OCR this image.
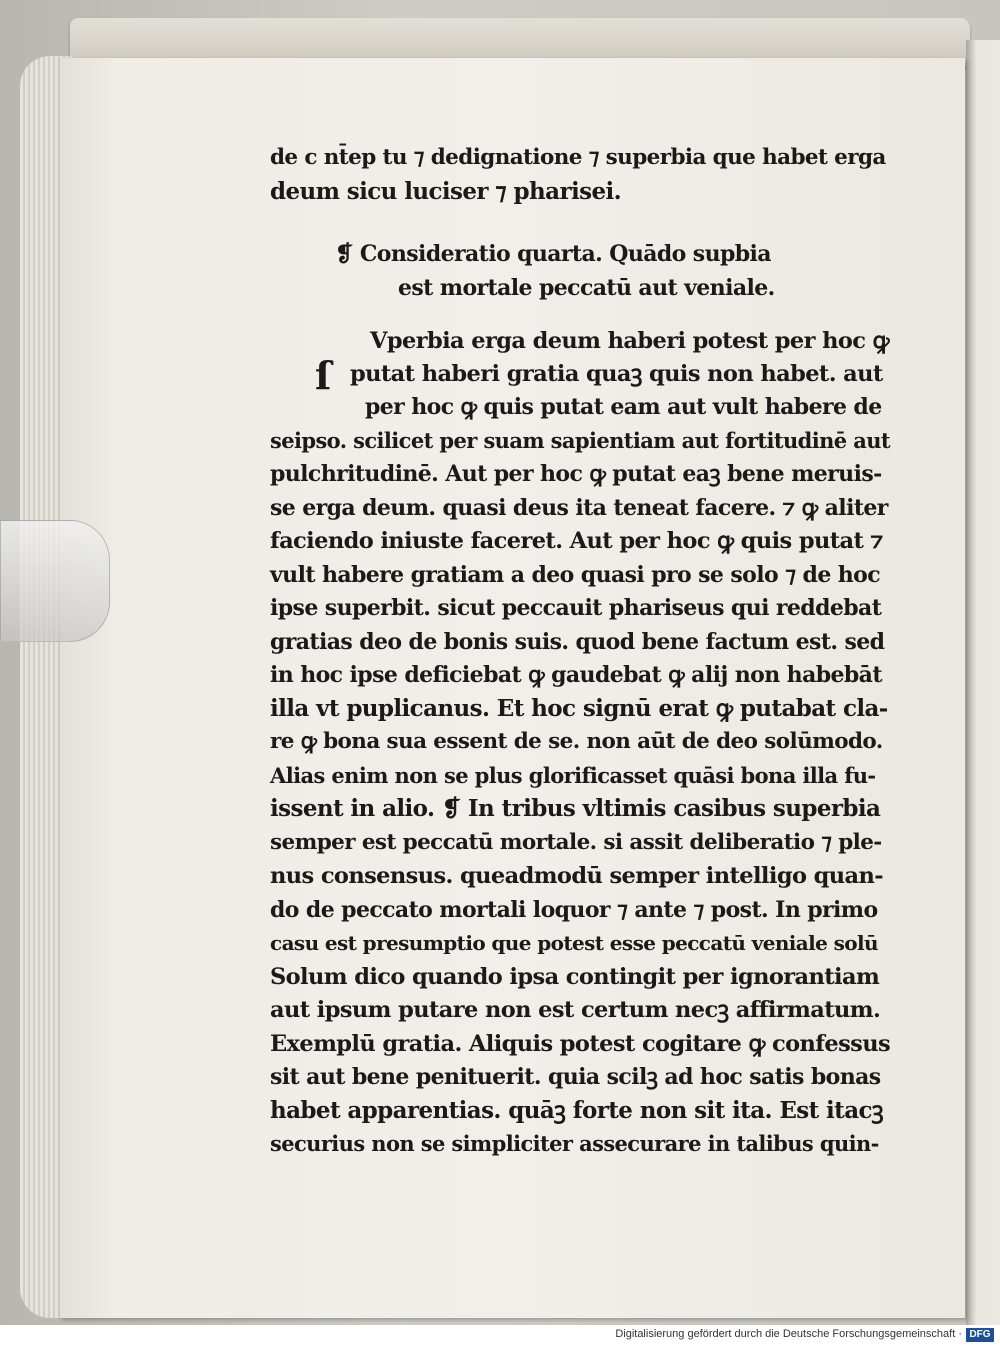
de c nt̄ep tu ⁊ dedignatione ⁊ superbia que habet erga
deum sicu luciser ⁊ pharisei.
❡ Consideratio quarta. Quādo supbia
est mortale peccatū aut veniale.
ſ
Vperbia erga deum haberi potest per hoc ꝙ
putat haberi gratia quaꝫ quis non habet. aut
per hoc ꝙ quis putat eam aut vult habere de
seipso. scilicet per suam sapientiam aut fortitudinē aut
pulchritudinē. Aut per hoc ꝙ putat eaꝫ bene meruis-
se erga deum. quasi deus ita teneat facere. ⁊ ꝙ aliter
faciendo iniuste faceret. Aut per hoc ꝙ quis putat ⁊
vult habere gratiam a deo quasi pro se solo ⁊ de hoc
ipse superbit. sicut peccauit phariseus qui reddebat
gratias deo de bonis suis. quod bene factum est. sed
in hoc ipse deficiebat ꝙ gaudebat ꝙ alij non habebāt
illa vt puplicanus. Et hoc signū erat ꝙ putabat cla-
re ꝙ bona sua essent de se. non aūt de deo solūmodo.
Alias enim non se plus glorificasset quāsi bona illa fu-
issent in alio. ❡ In tribus vltimis casibus superbia
semper est peccatū mortale. si assit deliberatio ⁊ ple-
nus consensus. queadmodū semper intelligo quan-
do de peccato mortali loquor ⁊ ante ⁊ post. In primo
casu est presumptio que potest esse peccatū veniale solū
Solum dico quando ipsa contingit per ignorantiam
aut ipsum putare non est certum necꝫ affirmatum.
Exemplū gratia. Aliquis potest cogitare ꝙ confessus
sit aut bene penituerit. quia scilꝫ ad hoc satis bonas
habet apparentias. quāꝫ forte non sit ita. Est itacꝫ
securius non se simpliciter assecurare in talibus quin-
Digitalisierung gefördert durch die Deutsche Forschungsgemeinschaft · DFG
